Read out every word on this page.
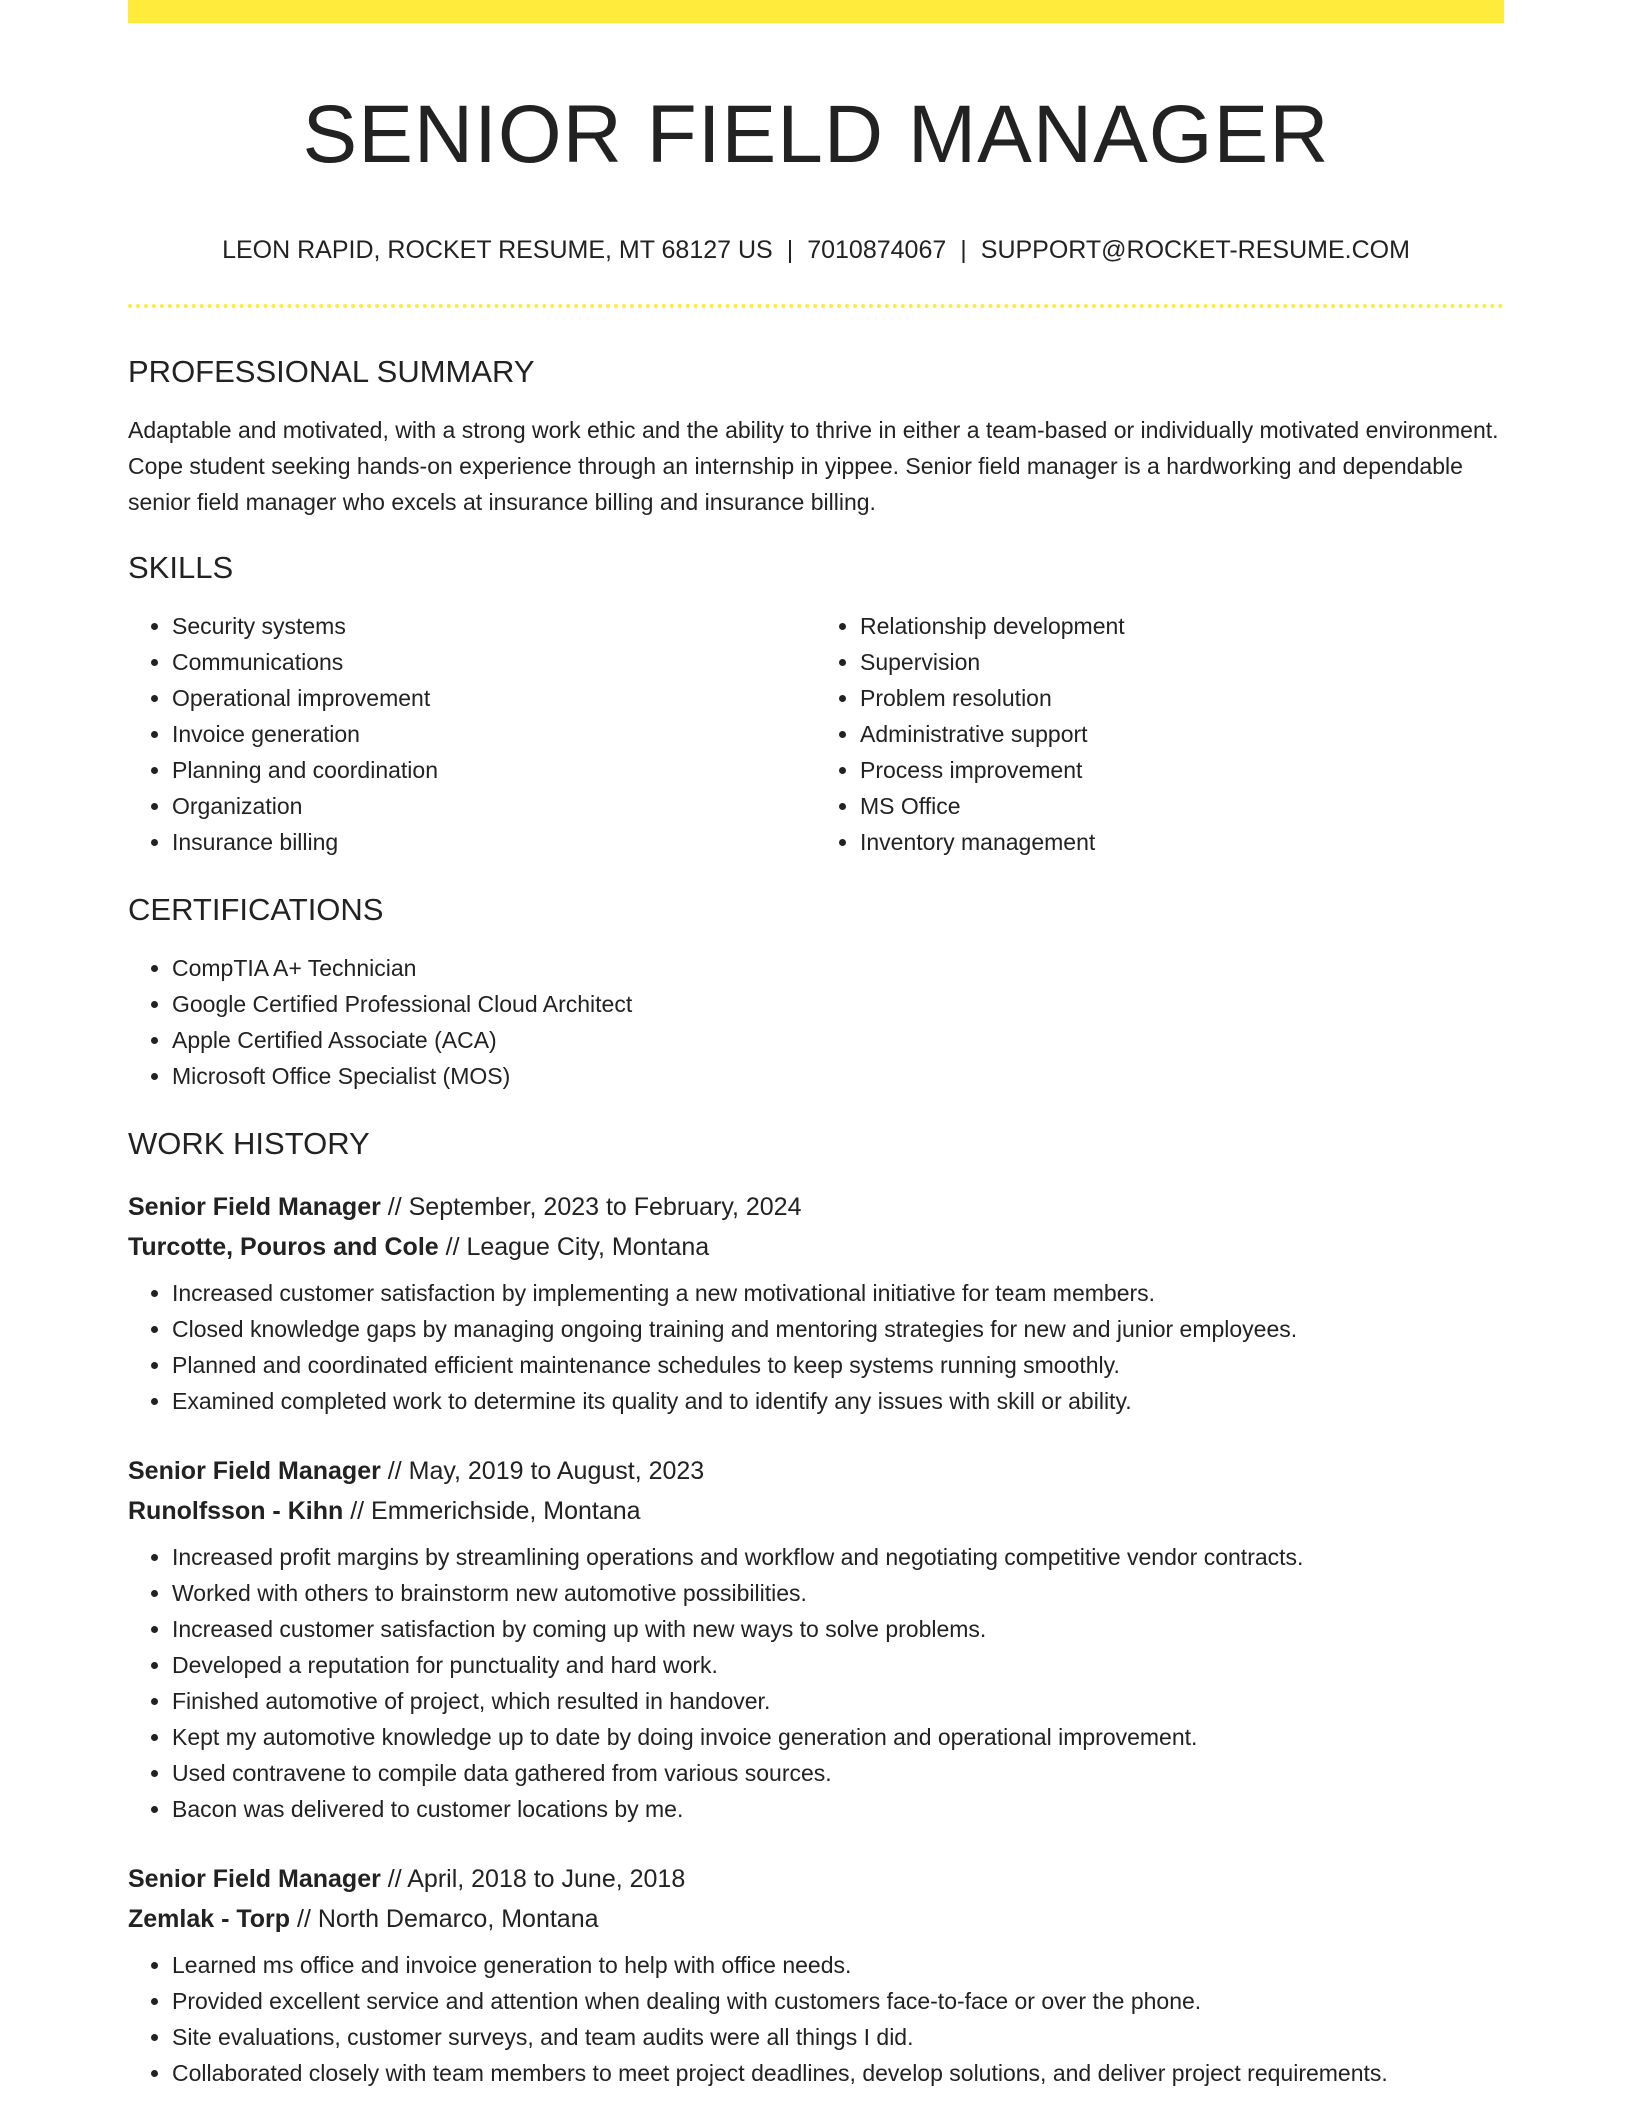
SENIOR FIELD MANAGER
LEON RAPID, ROCKET RESUME, MT 68127 US | 7010874067 | SUPPORT@ROCKET-RESUME.COM
PROFESSIONAL SUMMARY
Adaptable and motivated, with a strong work ethic and the ability to thrive in either a team-based or individually motivated environment. Cope student seeking hands-on experience through an internship in yippee. Senior field manager is a hardworking and dependable senior field manager who excels at insurance billing and insurance billing.
SKILLS
• Security systems
• Communications
• Operational improvement
• Invoice generation
• Planning and coordination
• Organization
• Insurance billing
• Relationship development
• Supervision
• Problem resolution
• Administrative support
• Process improvement
• MS Office
• Inventory management
CERTIFICATIONS
• CompTIA A+ Technician
• Google Certified Professional Cloud Architect
• Apple Certified Associate (ACA)
• Microsoft Office Specialist (MOS)
WORK HISTORY
Senior Field Manager // September, 2023 to February, 2024
Turcotte, Pouros and Cole // League City, Montana
• Increased customer satisfaction by implementing a new motivational initiative for team members.
• Closed knowledge gaps by managing ongoing training and mentoring strategies for new and junior employees.
• Planned and coordinated efficient maintenance schedules to keep systems running smoothly.
• Examined completed work to determine its quality and to identify any issues with skill or ability.
Senior Field Manager // May, 2019 to August, 2023
Runolfsson - Kihn // Emmerichside, Montana
• Increased profit margins by streamlining operations and workflow and negotiating competitive vendor contracts.
• Worked with others to brainstorm new automotive possibilities.
• Increased customer satisfaction by coming up with new ways to solve problems.
• Developed a reputation for punctuality and hard work.
• Finished automotive of project, which resulted in handover.
• Kept my automotive knowledge up to date by doing invoice generation and operational improvement.
• Used contravene to compile data gathered from various sources.
• Bacon was delivered to customer locations by me.
Senior Field Manager // April, 2018 to June, 2018
Zemlak - Torp // North Demarco, Montana
• Learned ms office and invoice generation to help with office needs.
• Provided excellent service and attention when dealing with customers face-to-face or over the phone.
• Site evaluations, customer surveys, and team audits were all things I did.
• Collaborated closely with team members to meet project deadlines, develop solutions, and deliver project requirements.
